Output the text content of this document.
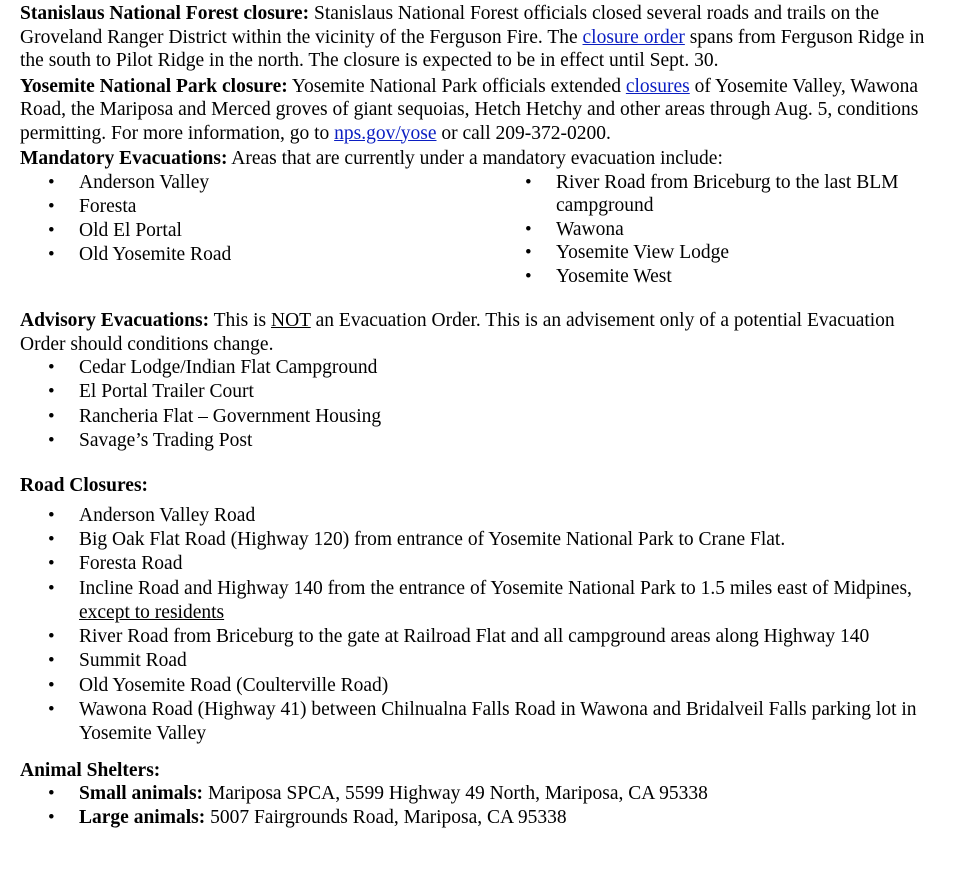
Stanislaus National Forest closure: Stanislaus National Forest officials closed several roads and trails on the Groveland Ranger District within the vicinity of the Ferguson Fire. The closure order spans from Ferguson Ridge in the south to Pilot Ridge in the north. The closure is expected to be in effect until Sept. 30.

Yosemite National Park closure: Yosemite National Park officials extended closures of Yosemite Valley, Wawona Road, the Mariposa and Merced groves of giant sequoias, Hetch Hetchy and other areas through Aug. 5, conditions permitting. For more information, go to nps.gov/yose or call 209-372-0200.

Mandatory Evacuations: Areas that are currently under a mandatory evacuation include:

• Anderson Valley
• Foresta
• Old El Portal
• Old Yosemite Road
• River Road from Briceburg to the last BLM campground
• Wawona
• Yosemite View Lodge
• Yosemite West

Advisory Evacuations: This is NOT an Evacuation Order. This is an advisement only of a potential Evacuation Order should conditions change.

• Cedar Lodge/Indian Flat Campground
• El Portal Trailer Court
• Rancheria Flat – Government Housing
• Savage’s Trading Post

Road Closures:

• Anderson Valley Road
• Big Oak Flat Road (Highway 120) from entrance of Yosemite National Park to Crane Flat.
• Foresta Road
• Incline Road and Highway 140 from the entrance of Yosemite National Park to 1.5 miles east of Midpines, except to residents
• River Road from Briceburg to the gate at Railroad Flat and all campground areas along Highway 140
• Summit Road
• Old Yosemite Road (Coulterville Road)
• Wawona Road (Highway 41) between Chilnualna Falls Road in Wawona and Bridalveil Falls parking lot in Yosemite Valley

Animal Shelters:

• Small animals: Mariposa SPCA, 5599 Highway 49 North, Mariposa, CA 95338
• Large animals: 5007 Fairgrounds Road, Mariposa, CA 95338
